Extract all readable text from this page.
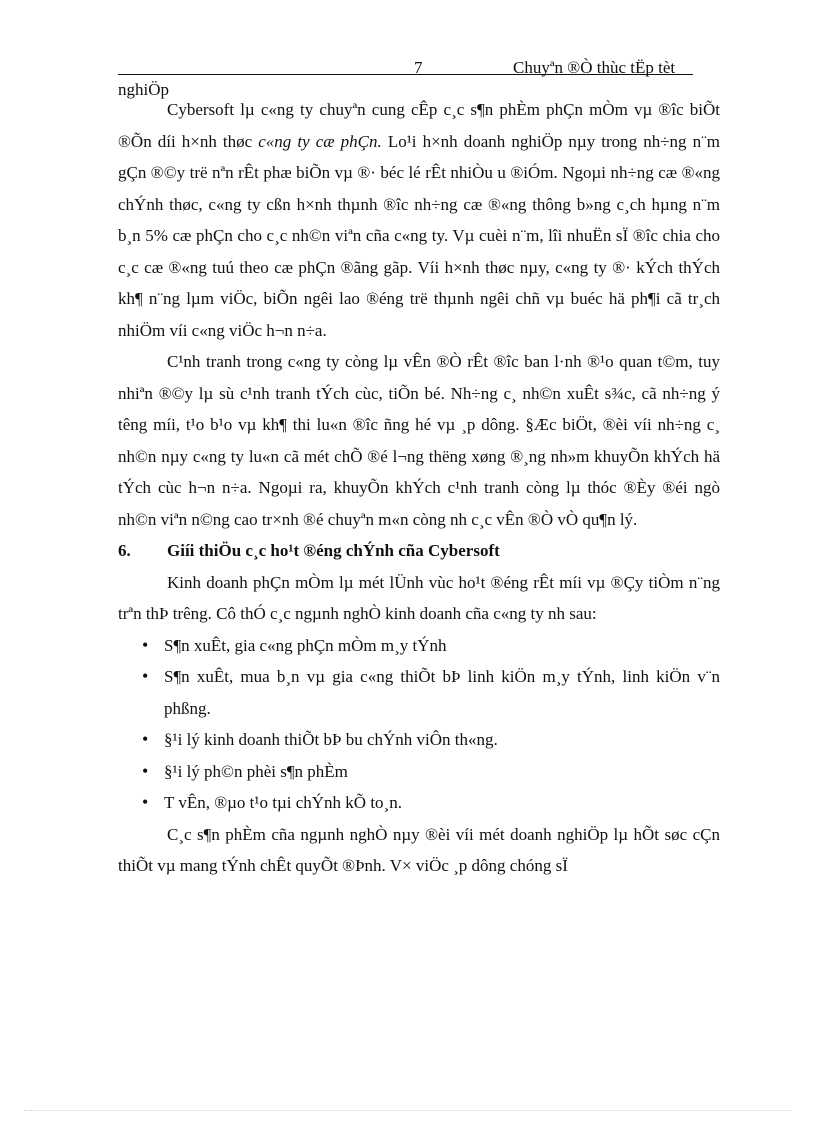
7	Chuyªn ®Ò thùc tËp tèt
nghiÖp

Cybersoft lµ c«ng ty chuyªn cung cÊp c¸c s¶n phÈm phÇn mÒm vµ ®îc biÕt ®Õn díi h×nh thøc c«ng ty cæ phÇn. Lo¹i h×nh doanh nghiÖp nµy trong nh÷ng n¨m gÇn ®©y trë nªn rÊt phæ biÕn vµ ®· béc lé rÊt nhiÒu u ®iÓm. Ngoµi nh÷ng cæ ®«ng chÝnh thøc, c«ng ty cßn h×nh thµnh ®îc nh÷ng cæ ®«ng thông b»ng c¸ch hµng n¨m b¸n 5% cæ phÇn cho c¸c nh©n viªn cña c«ng ty. Vµ cuèi n¨m, lîi nhuËn sÏ ®îc chia cho c¸c cæ ®«ng tuú theo cæ phÇn ®ãng gãp. Víi h×nh thøc nµy, c«ng ty ®· kÝch thÝch kh¶ n¨ng lµm viÖc, biÕn ngêi lao ®éng trë thµnh ngêi chñ vµ buéc hä ph¶i cã tr¸ch nhiÖm víi c«ng viÖc h¬n n÷a.

C¹nh tranh trong c«ng ty còng lµ vÊn ®Ò rÊt ®îc ban l·nh ®¹o quan t©m, tuy nhiªn ®©y lµ sù c¹nh tranh tÝch cùc, tiÕn bé. Nh÷ng c¸ nh©n xuÊt s¾c, cã nh÷ng ý têng míi, t¹o b¹o vµ kh¶ thi lu«n ®îc ñng hé vµ ¸p dông. §Æc biÖt, ®èi víi nh÷ng c¸ nh©n nµy c«ng ty lu«n cã mét chÕ ®é l¬ng thëng xøng ®¸ng nh»m khuyÕn khÝch hä tÝch cùc h¬n n÷a. Ngoµi ra, khuyÕn khÝch c¹nh tranh còng lµ thóc ®Èy ®éi ngò nh©n viªn n©ng cao tr×nh ®é chuyªn m«n còng nh c¸c vÊn ®Ò vÒ qu¶n lý.

6.	Giíi thiÖu c¸c ho¹t ®éng chÝnh cña Cybersoft

Kinh doanh phÇn mÒm lµ mét lÜnh vùc ho¹t ®éng rÊt míi vµ ®Çy tiÒm n¨ng trªn thÞ trêng. Cô thÓ c¸c ngµnh nghÒ kinh doanh cña c«ng ty nh sau:

• S¶n xuÊt, gia c«ng phÇn mÒm m¸y tÝnh
• S¶n xuÊt, mua b¸n vµ gia c«ng thiÕt bÞ linh kiÖn m¸y tÝnh, linh kiÖn v¨n phßng.
• §¹i lý kinh doanh thiÕt bÞ bu chÝnh viÔn th«ng.
• §¹i lý ph©n phèi s¶n phÈm
• T vÊn, ®µo t¹o tµi chÝnh kÕ to¸n.

C¸c s¶n phÈm cña ngµnh nghÒ nµy ®èi víi mét doanh nghiÖp lµ hÕt søc cÇn thiÕt vµ mang tÝnh chÊt quyÕt ®Þnh. V× viÖc ¸p dông chóng sÏ
